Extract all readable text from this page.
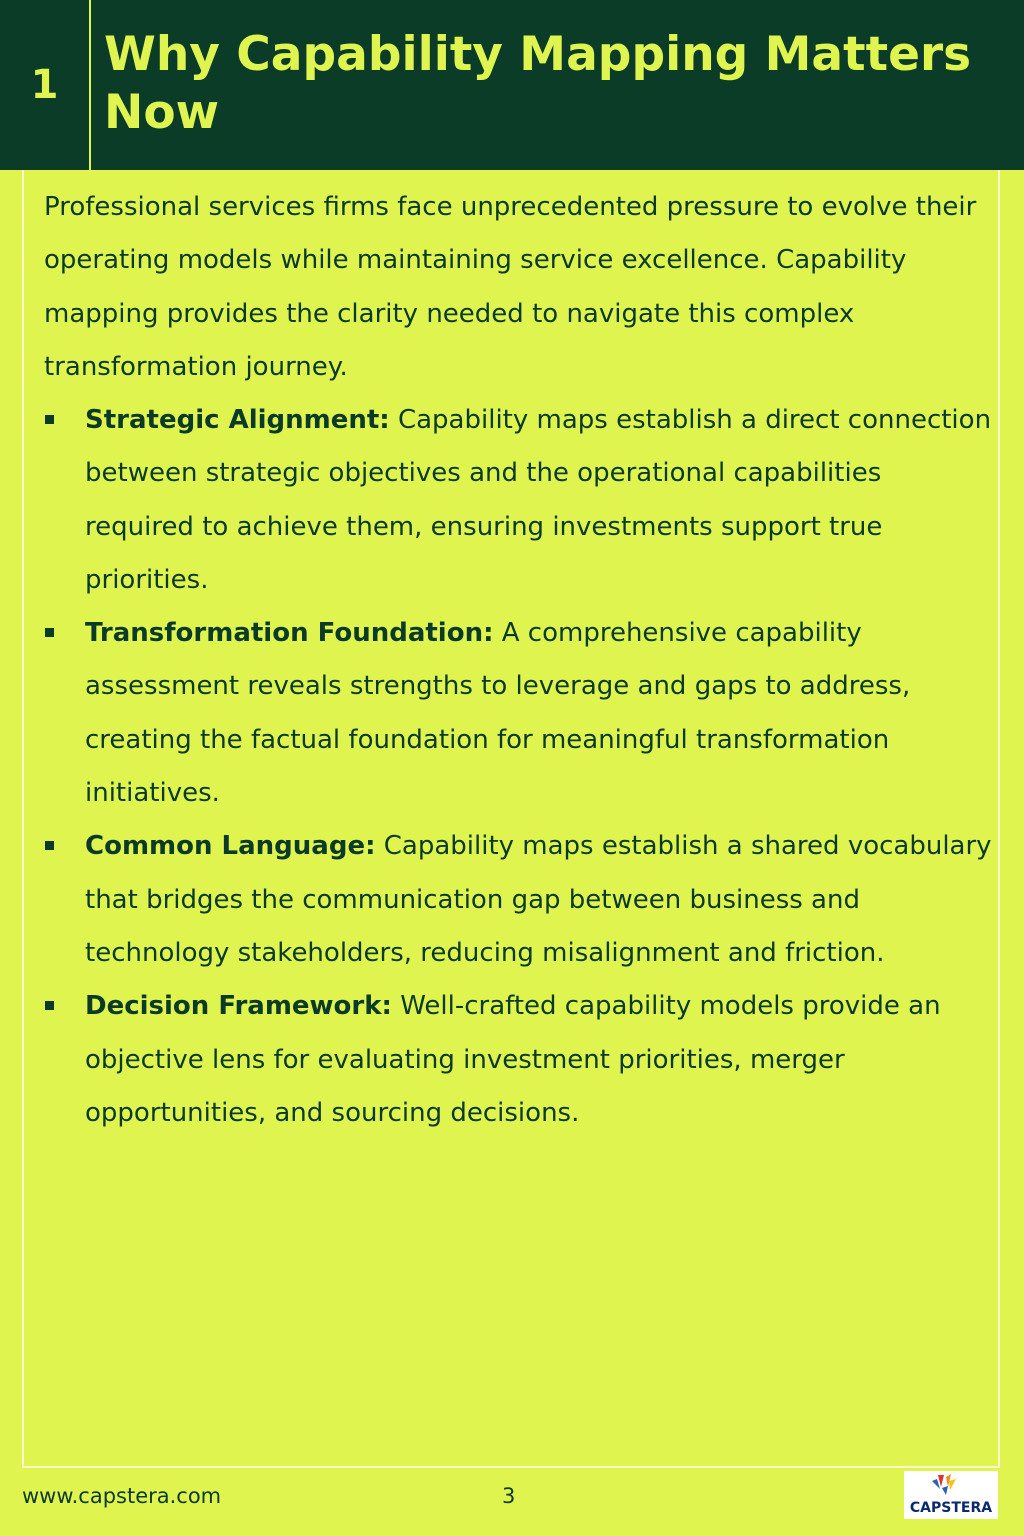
1
Why Capability Mapping Matters Now

Professional services firms face unprecedented pressure to evolve their operating models while maintaining service excellence. Capability mapping provides the clarity needed to navigate this complex transformation journey.

Strategic Alignment: Capability maps establish a direct connection between strategic objectives and the operational capabilities required to achieve them, ensuring investments support true priorities.
Transformation Foundation: A comprehensive capability assessment reveals strengths to leverage and gaps to address, creating the factual foundation for meaningful transformation initiatives.
Common Language: Capability maps establish a shared vocabulary that bridges the communication gap between business and technology stakeholders, reducing misalignment and friction.
Decision Framework: Well-crafted capability models provide an objective lens for evaluating investment priorities, merger opportunities, and sourcing decisions.
www.capstera.com	3	CAPSTERA
